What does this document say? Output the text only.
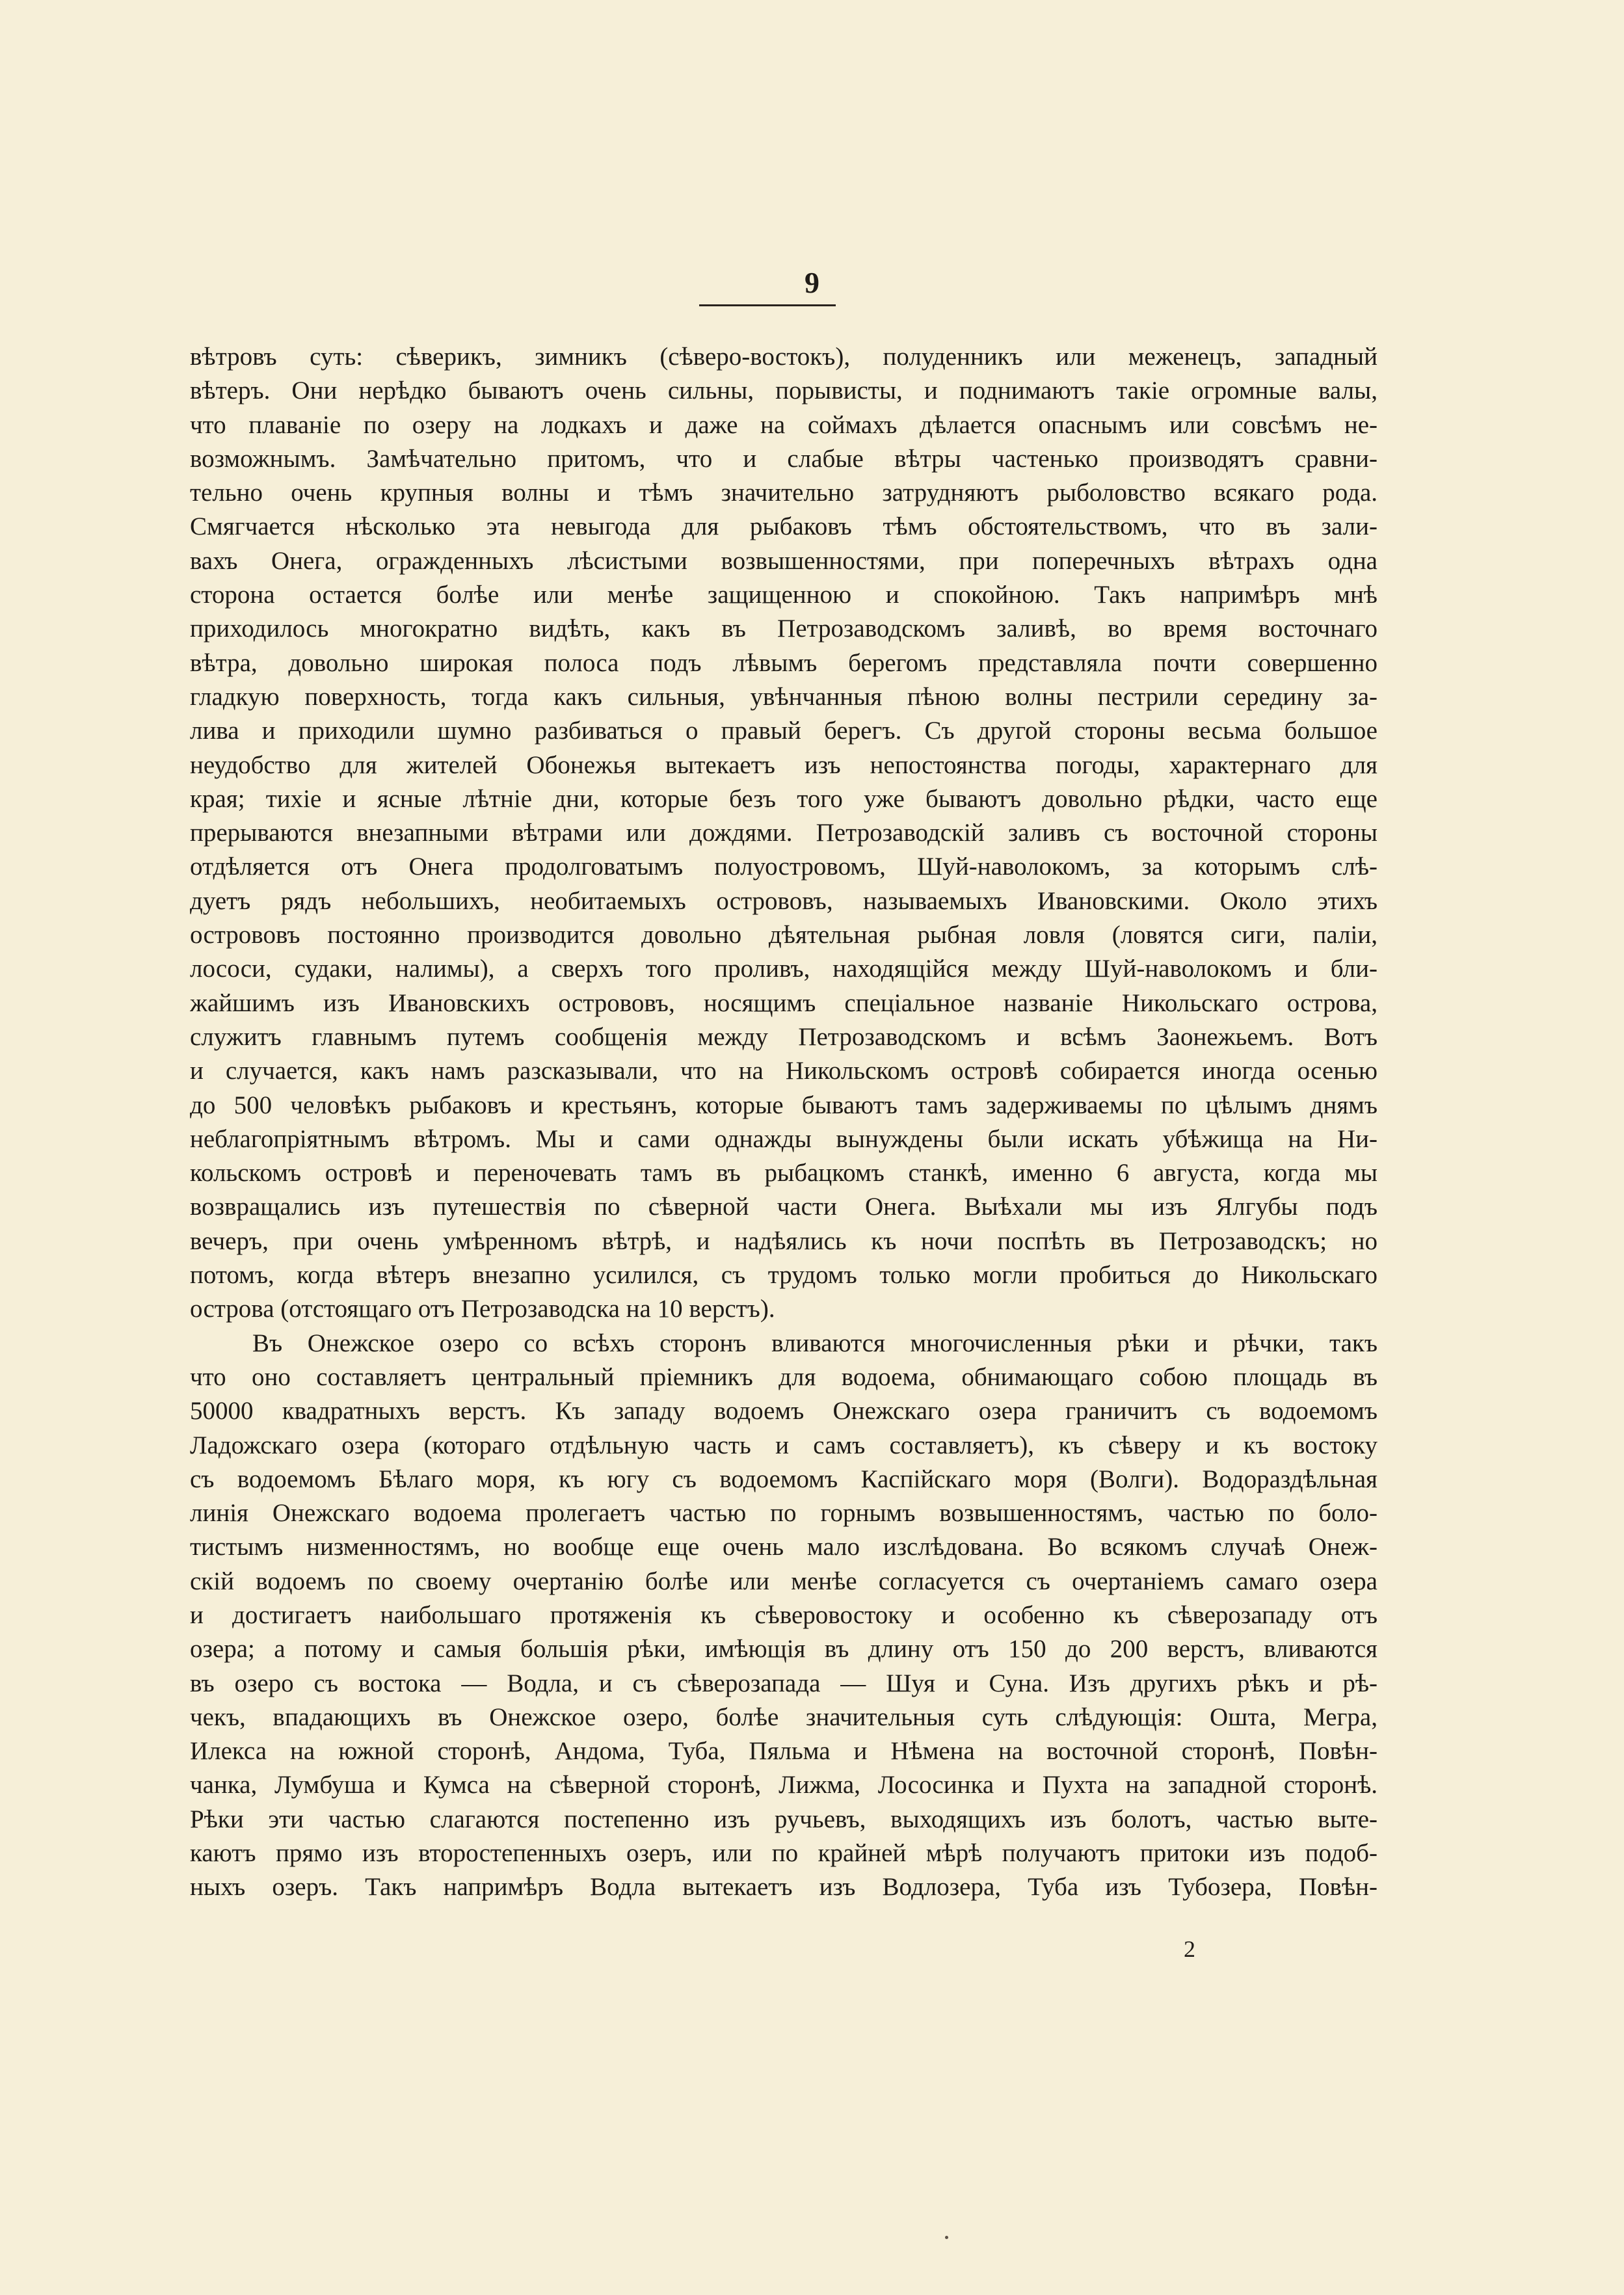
9
вѣтровъ суть: сѣверикъ, зимникъ (сѣверо-востокъ), полуденникъ или меженецъ, западный
вѣтеръ. Они нерѣдко бываютъ очень сильны, порывисты, и поднимаютъ такіе огромные валы,
что плаваніе по озеру на лодкахъ и даже на соймахъ дѣлается опаснымъ или совсѣмъ не-
возможнымъ. Замѣчательно притомъ, что и слабые вѣтры частенько производятъ сравни-
тельно очень крупныя волны и тѣмъ значительно затрудняютъ рыболовство всякаго рода.
Смягчается нѣсколько эта невыгода для рыбаковъ тѣмъ обстоятельствомъ, что въ зали-
вахъ Онега, огражденныхъ лѣсистыми возвышенностями, при поперечныхъ вѣтрахъ одна
сторона остается болѣе или менѣе защищенною и спокойною. Такъ напримѣръ мнѣ
приходилось многократно видѣть, какъ въ Петрозаводскомъ заливѣ, во время восточнаго
вѣтра, довольно широкая полоса подъ лѣвымъ берегомъ представляла почти совершенно
гладкую поверхность, тогда какъ сильныя, увѣнчанныя пѣною волны пестрили середину за-
лива и приходили шумно разбиваться о правый берегъ. Съ другой стороны весьма большое
неудобство для жителей Обонежья вытекаетъ изъ непостоянства погоды, характернаго для
края; тихіе и ясные лѣтніе дни, которые безъ того уже бываютъ довольно рѣдки, часто еще
прерываются внезапными вѣтрами или дождями. Петрозаводскій заливъ съ восточной стороны
отдѣляется отъ Онега продолговатымъ полуостровомъ, Шуй-наволокомъ, за которымъ слѣ-
дуетъ рядъ небольшихъ, необитаемыхъ острововъ, называемыхъ Ивановскими. Около этихъ
острововъ постоянно производится довольно дѣятельная рыбная ловля (ловятся сиги, палiи,
лососи, судаки, налимы), а сверхъ того проливъ, находящійся между Шуй-наволокомъ и бли-
жайшимъ изъ Ивановскихъ острововъ, носящимъ спеціальное названіе Никольскаго острова,
служитъ главнымъ путемъ сообщенія между Петрозаводскомъ и всѣмъ Заонежьемъ. Вотъ
и случается, какъ намъ разсказывали, что на Никольскомъ островѣ собирается иногда осенью
до 500 человѣкъ рыбаковъ и крестьянъ, которые бываютъ тамъ задерживаемы по цѣлымъ днямъ
неблагопріятнымъ вѣтромъ. Мы и сами однажды вынуждены были искать убѣжища на Ни-
кольскомъ островѣ и переночевать тамъ въ рыбацкомъ станкѣ, именно 6 августа, когда мы
возвращались изъ путешествія по сѣверной части Онега. Выѣхали мы изъ Ялгубы подъ
вечеръ, при очень умѣренномъ вѣтрѣ, и надѣялись къ ночи поспѣть въ Петрозаводскъ; но
потомъ, когда вѣтеръ внезапно усилился, съ трудомъ только могли пробиться до Никольскаго
острова (отстоящаго отъ Петрозаводска на 10 верстъ).
Въ Онежское озеро со всѣхъ сторонъ вливаются многочисленныя рѣки и рѣчки, такъ
что оно составляетъ центральный пріемникъ для водоема, обнимающаго собою площадь въ
50000 квадратныхъ верстъ. Къ западу водоемъ Онежскаго озера граничитъ съ водоемомъ
Ладожскаго озера (котораго отдѣльную часть и самъ составляетъ), къ сѣверу и къ востоку
съ водоемомъ Бѣлаго моря, къ югу съ водоемомъ Каспійскаго моря (Волги). Водораздѣльная
линія Онежскаго водоема пролегаетъ частью по горнымъ возвышенностямъ, частью по боло-
тистымъ низменностямъ, но вообще еще очень мало изслѣдована. Во всякомъ случаѣ Онеж-
скій водоемъ по своему очертанію болѣе или менѣе согласуется съ очертаніемъ самаго озера
и достигаетъ наибольшаго протяженія къ сѣверовостоку и особенно къ сѣверозападу отъ
озера; а потому и самыя большія рѣки, имѣющія въ длину отъ 150 до 200 верстъ, вливаются
въ озеро съ востока — Водла, и съ сѣверозапада — Шуя и Суна. Изъ другихъ рѣкъ и рѣ-
чекъ, впадающихъ въ Онежское озеро, болѣе значительныя суть слѣдующія: Оштa, Мегра,
Илекса на южной сторонѣ, Андома, Туба, Пяльма и Нѣмена на восточной сторонѣ, Повѣн-
чанка, Лумбуша и Кумса на сѣверной сторонѣ, Лижма, Лососинка и Пухта на западной сторонѣ.
Рѣки эти частью слагаются постепенно изъ ручьевъ, выходящихъ изъ болотъ, частью выте-
каютъ прямо изъ второстепенныхъ озеръ, или по крайней мѣрѣ получаютъ притоки изъ подоб-
ныхъ озеръ. Такъ напримѣръ Водла вытекаетъ изъ Водлозера, Туба изъ Тубозера, Повѣн-
2
